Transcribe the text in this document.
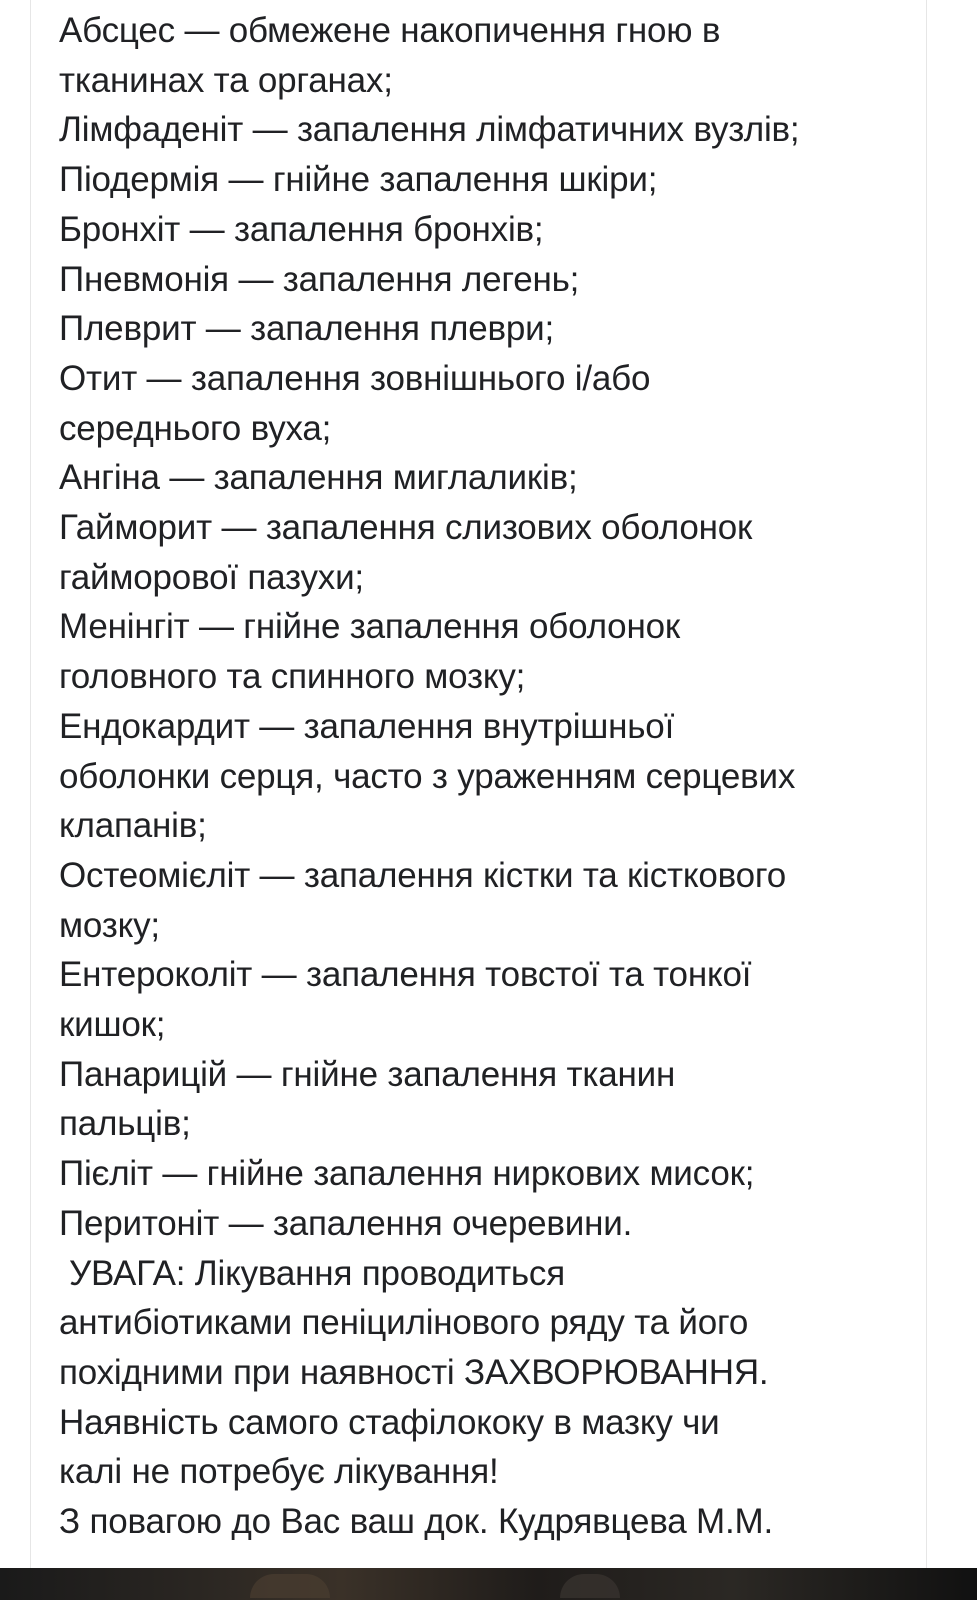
Абсцес — обмежене накопичення гною в
тканинах та органах;
Лімфаденіт — запалення лімфатичних вузлів;
Піодермія — гнійне запалення шкіри;
Бронхіт — запалення бронхів;
Пневмонія — запалення легень;
Плеврит — запалення плеври;
Отит — запалення зовнішнього і/або
середнього вуха;
Ангіна — запалення миглаликів;
Гайморит — запалення слизових оболонок
гайморової пазухи;
Менінгіт — гнійне запалення оболонок
головного та спинного мозку;
Ендокардит — запалення внутрішньої
оболонки серця, часто з ураженням серцевих
клапанів;
Остеомієліт — запалення кістки та кісткового
мозку;
Ентероколіт — запалення товстої та тонкої
кишок;
Панарицій — гнійне запалення тканин
пальців;
Пієліт — гнійне запалення ниркових мисок;
Перитоніт — запалення очеревини.
УВАГА: Лікування проводиться
антибіотиками пеніцилінового ряду та його
похідними при наявності ЗАХВОРЮВАННЯ.
Наявність самого стафілококу в мазку чи
калі не потребує лікування!
З повагою до Вас ваш док. Кудрявцева М.М.
